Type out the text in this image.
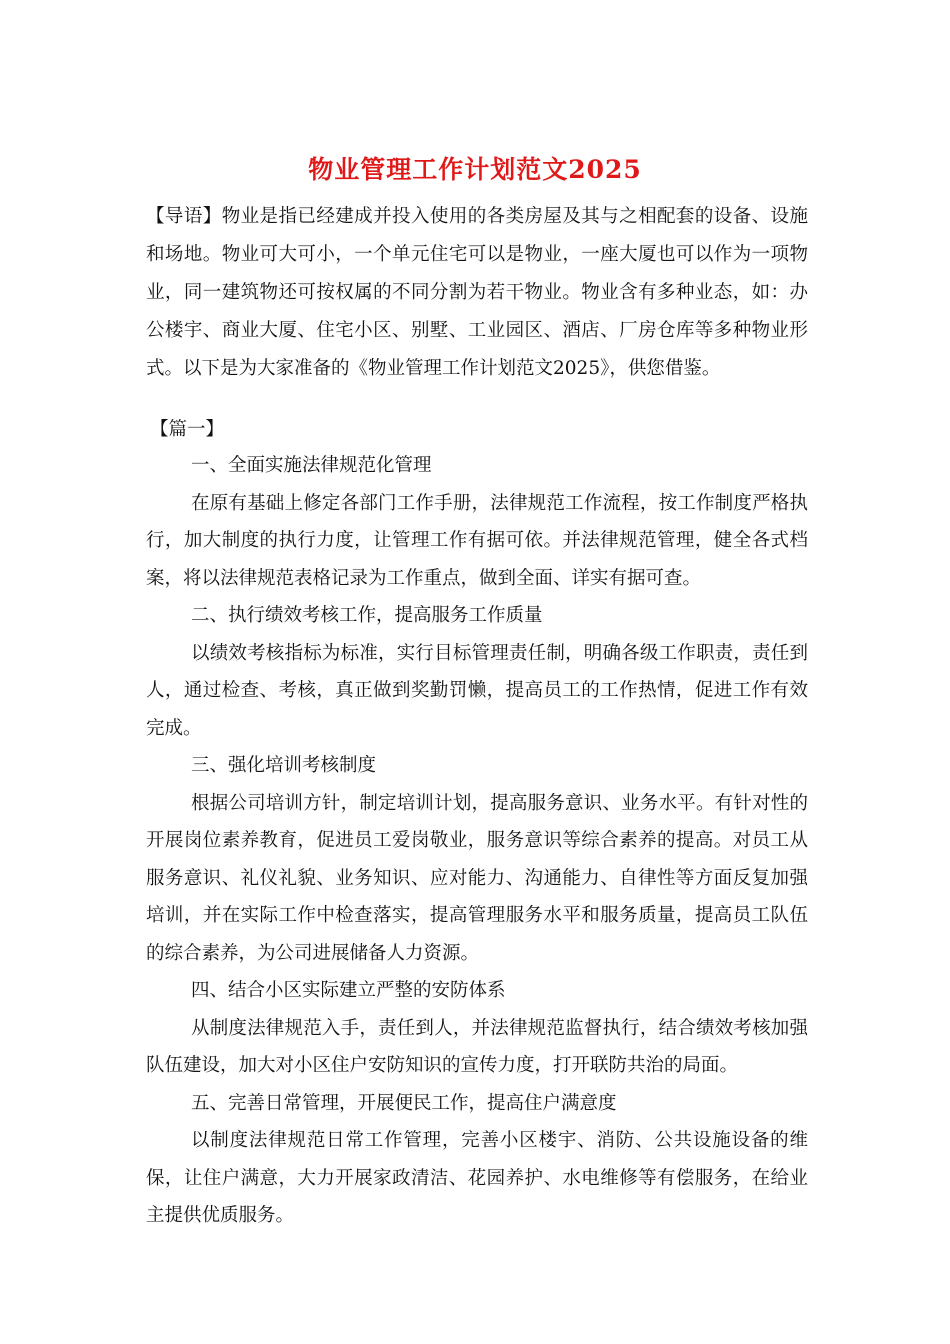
物业管理工作计划范文2025
【导语】物业是指已经建成并投入使用的各类房屋及其与之相配套的设备、设施和场地。物业可大可小，一个单元住宅可以是物业，一座大厦也可以作为一项物业，同一建筑物还可按权属的不同分割为若干物业。物业含有多种业态，如：办公楼宇、商业大厦、住宅小区、别墅、工业园区、酒店、厂房仓库等多种物业形式。以下是为大家准备的《物业管理工作计划范文2025》，供您借鉴。
【篇一】

一、全面实施法律规范化管理

在原有基础上修定各部门工作手册，法律规范工作流程，按工作制度严格执行，加大制度的执行力度，让管理工作有据可依。并法律规范管理，健全各式档案，将以法律规范表格记录为工作重点，做到全面、详实有据可查。

二、执行绩效考核工作，提高服务工作质量

以绩效考核指标为标准，实行目标管理责任制，明确各级工作职责，责任到人，通过检查、考核，真正做到奖勤罚懒，提高员工的工作热情，促进工作有效完成。

三、强化培训考核制度

根据公司培训方针，制定培训计划，提高服务意识、业务水平。有针对性的开展岗位素养教育，促进员工爱岗敬业，服务意识等综合素养的提高。对员工从服务意识、礼仪礼貌、业务知识、应对能力、沟通能力、自律性等方面反复加强培训，并在实际工作中检查落实，提高管理服务水平和服务质量，提高员工队伍的综合素养，为公司进展储备人力资源。

四、结合小区实际建立严整的安防体系

从制度法律规范入手，责任到人，并法律规范监督执行，结合绩效考核加强队伍建设，加大对小区住户安防知识的宣传力度，打开联防共治的局面。

五、完善日常管理，开展便民工作，提高住户满意度

以制度法律规范日常工作管理，完善小区楼宇、消防、公共设施设备的维保，让住户满意，大力开展家政清洁、花园养护、水电维修等有偿服务，在给业主提供优质服务。
